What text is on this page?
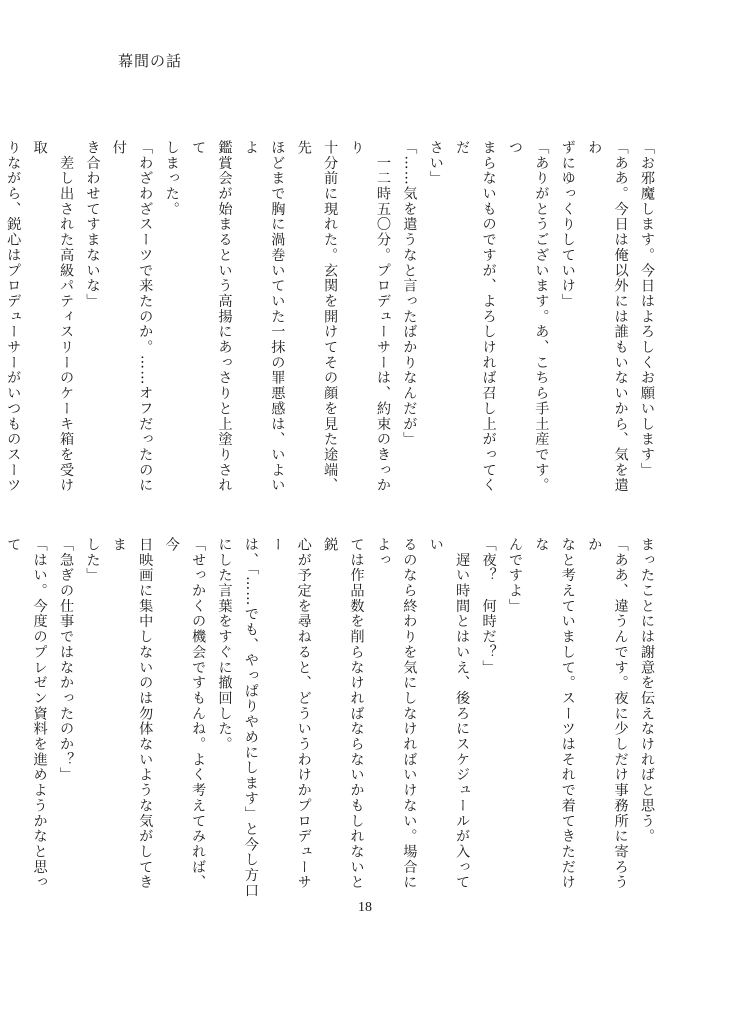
幕間の話
「お邪魔します。今日はよろしくお願いします」
「ああ。今日は俺以外には誰もいないから、気を遣わ
ずにゆっくりしていけ」
「ありがとうございます。あ、こちら手土産です。つ
まらないものですが、よろしければ召し上がってくだ
さい」
「……気を遣うなと言ったばかりなんだが」
　一二時五〇分。プロデューサーは、約束のきっかり
十分前に現れた。玄関を開けてその顔を見た途端、先
ほどまで胸に渦巻いていた一抹の罪悪感は、いよいよ
鑑賞会が始まるという高揚にあっさりと上塗りされて
しまった。
「わざわざスーツで来たのか。……オフだったのに付
き合わせてすまないな」
　差し出された高級パティスリーのケーキ箱を受け取
りながら、鋭心はプロデューサーがいつものスーツ
まったことには謝意を伝えなければと思う。
「ああ、違うんです。夜に少しだけ事務所に寄ろうか
なと考えていまして。スーツはそれで着てきただけな
んですよ」
「夜？　何時だ？」
　遅い時間とはいえ、後ろにスケジュールが入ってい
るのなら終わりを気にしなければいけない。場合によっ
ては作品数を削らなければならないかもしれないと鋭
心が予定を尋ねると、どういうわけかプロデューサー
は、「……でも、やっぱりやめにします」と今し方口
にした言葉をすぐに撤回した。
「せっかくの機会ですもんね。よく考えてみれば、今
日映画に集中しないのは勿体ないような気がしてきま
した」
「急ぎの仕事ではなかったのか？」
「はい。今度のプレゼン資料を進めようかなと思って
18
